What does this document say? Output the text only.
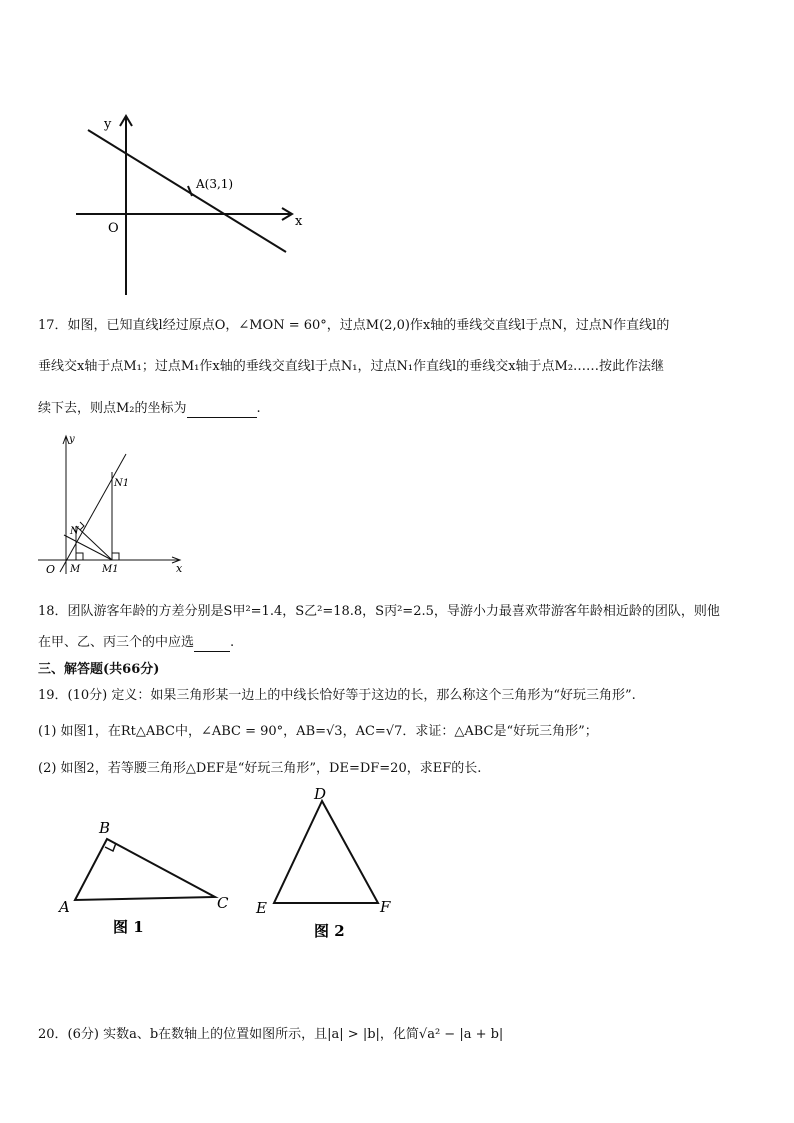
y
x
O
A(3,1)
17．如图，已知直线l经过原点O，∠MON = 60°，过点M(2,0)作x轴的垂线交直线l于点N，过点N作直线l的
垂线交x轴于点M₁；过点M₁作x轴的垂线交直线l于点N₁，过点N₁作直线l的垂线交x轴于点M₂……按此作法继
续下去，则点M₂的坐标为	.
y
x
O M M1
N
N1
18．团队游客年龄的方差分别是S甲²=1.4，S乙²=18.8，S丙²=2.5，导游小力最喜欢带游客年龄相近龄的团队，则他
在甲、乙、丙三个的中应选	.
三、解答题(共66分)
19．(10分) 定义：如果三角形某一边上的中线长恰好等于这边的长，那么称这个三角形为“好玩三角形”.
(1) 如图1，在Rt△ABC中，∠ABC = 90°，AB=√3，AC=√7．求证：△ABC是“好玩三角形”；
(2) 如图2，若等腰三角形△DEF是“好玩三角形”，DE=DF=20，求EF的长.
A
B
C
图 1
D
E	F
图 2
20．(6分) 实数a、b在数轴上的位置如图所示，且|a| > |b|，化简√a² − |a + b|
